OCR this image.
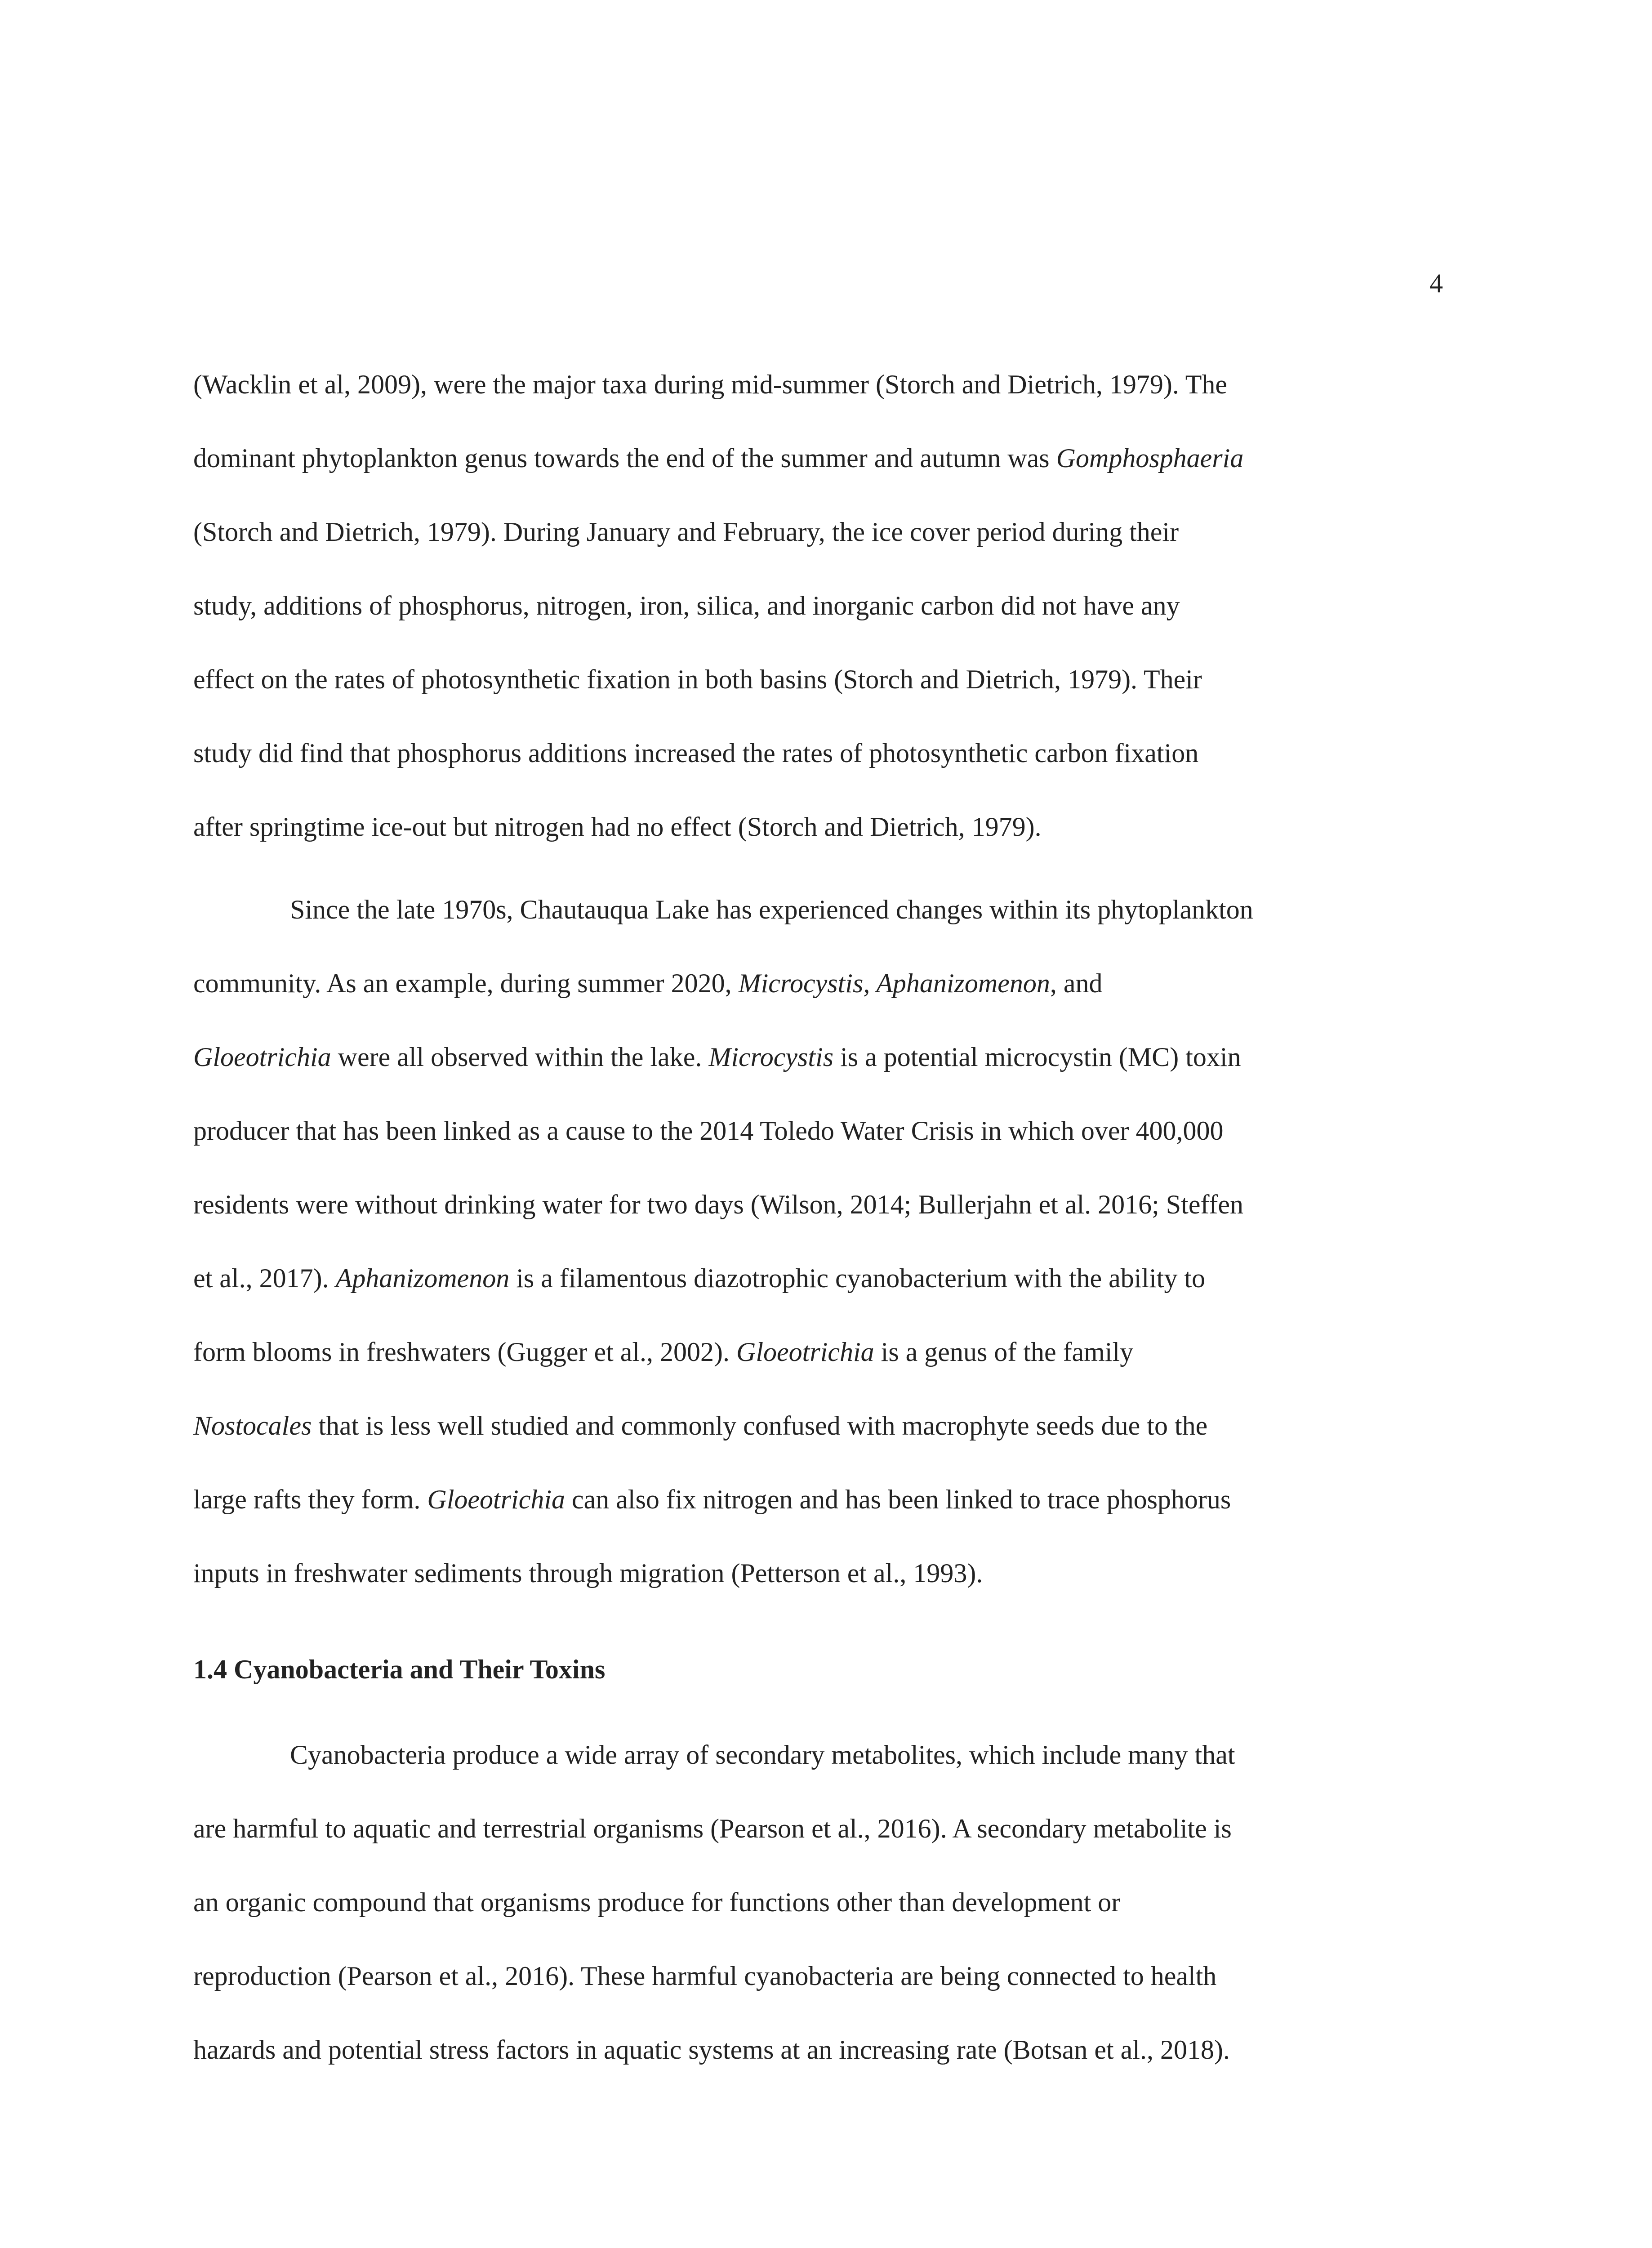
4
(Wacklin et al, 2009), were the major taxa during mid-summer (Storch and Dietrich, 1979). The
dominant phytoplankton genus towards the end of the summer and autumn was Gomphosphaeria
(Storch and Dietrich, 1979). During January and February, the ice cover period during their
study, additions of phosphorus, nitrogen, iron, silica, and inorganic carbon did not have any
effect on the rates of photosynthetic fixation in both basins (Storch and Dietrich, 1979). Their
study did find that phosphorus additions increased the rates of photosynthetic carbon fixation
after springtime ice-out but nitrogen had no effect (Storch and Dietrich, 1979).
Since the late 1970s, Chautauqua Lake has experienced changes within its phytoplankton
community. As an example, during summer 2020, Microcystis, Aphanizomenon, and
Gloeotrichia were all observed within the lake. Microcystis is a potential microcystin (MC) toxin
producer that has been linked as a cause to the 2014 Toledo Water Crisis in which over 400,000
residents were without drinking water for two days (Wilson, 2014; Bullerjahn et al. 2016; Steffen
et al., 2017). Aphanizomenon is a filamentous diazotrophic cyanobacterium with the ability to
form blooms in freshwaters (Gugger et al., 2002). Gloeotrichia is a genus of the family
Nostocales that is less well studied and commonly confused with macrophyte seeds due to the
large rafts they form. Gloeotrichia can also fix nitrogen and has been linked to trace phosphorus
inputs in freshwater sediments through migration (Petterson et al., 1993).
1.4 Cyanobacteria and Their Toxins
Cyanobacteria produce a wide array of secondary metabolites, which include many that
are harmful to aquatic and terrestrial organisms (Pearson et al., 2016). A secondary metabolite is
an organic compound that organisms produce for functions other than development or
reproduction (Pearson et al., 2016). These harmful cyanobacteria are being connected to health
hazards and potential stress factors in aquatic systems at an increasing rate (Botsan et al., 2018).
